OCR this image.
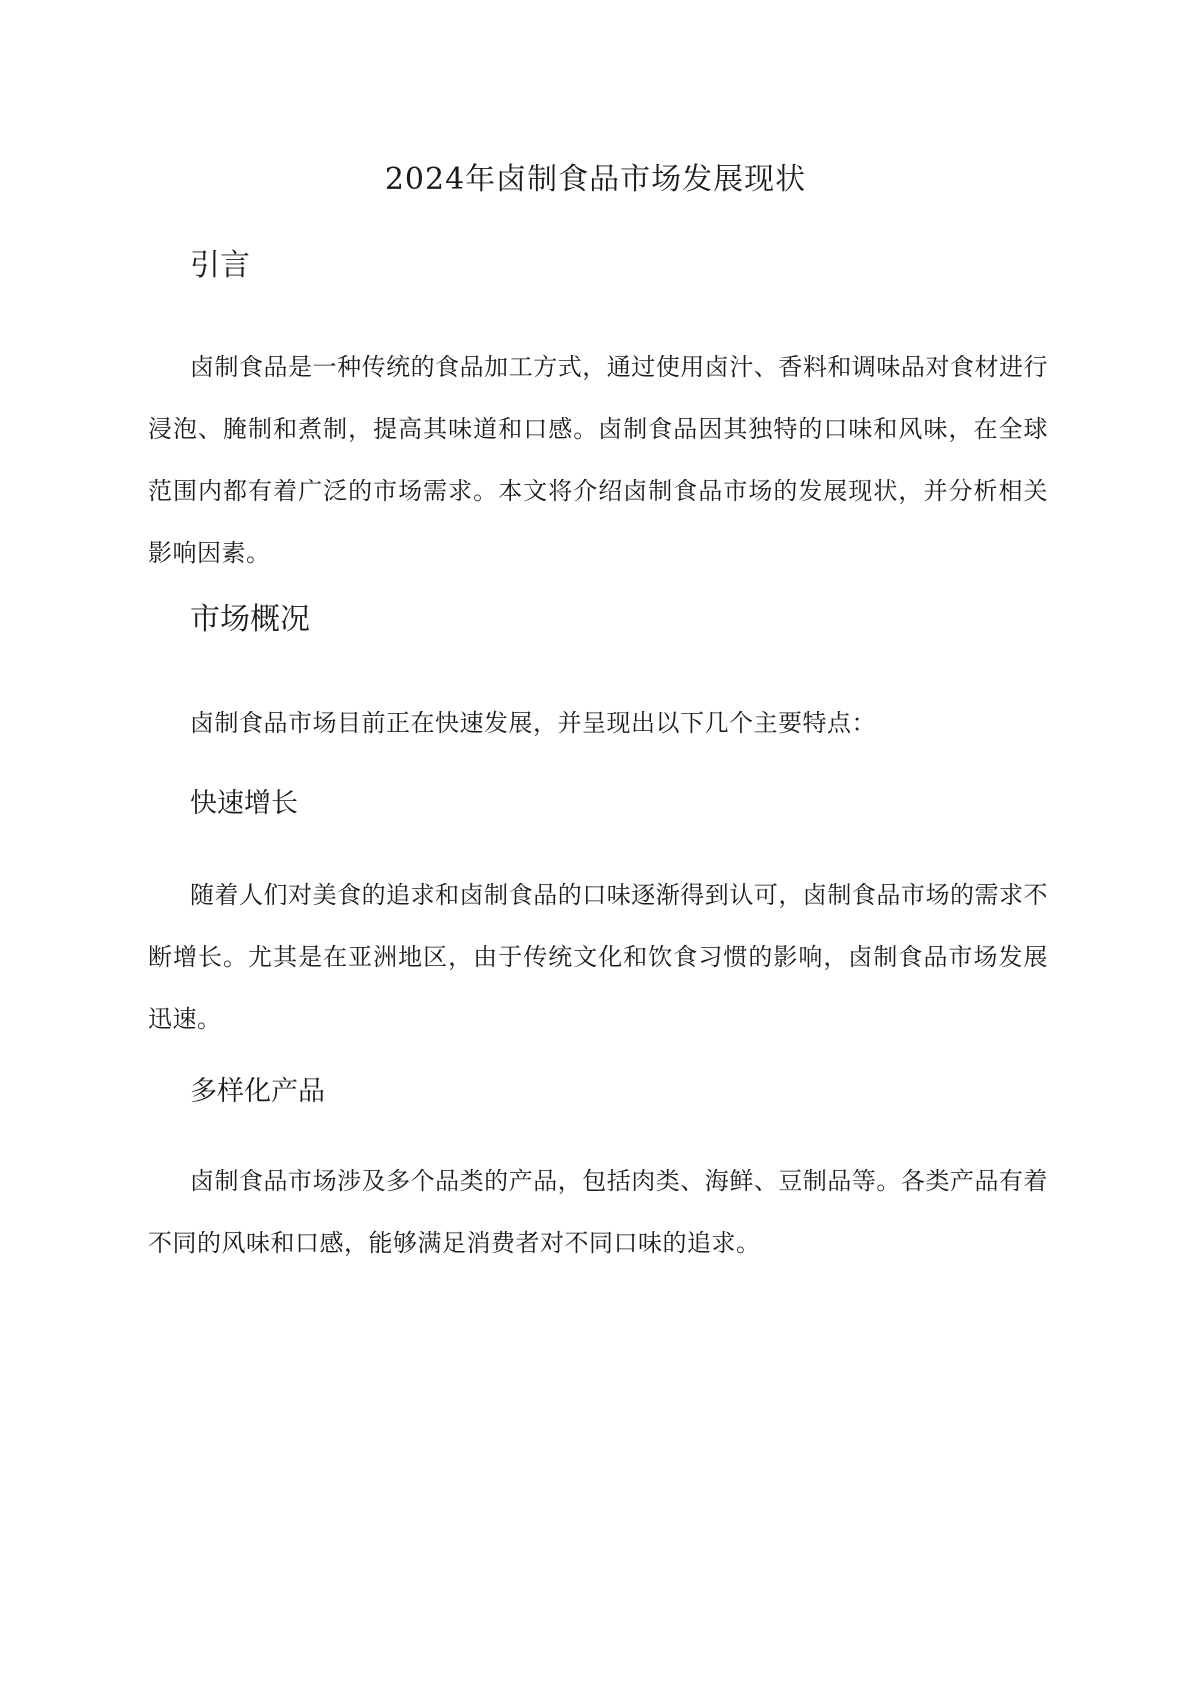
2024年卤制食品市场发展现状
引言
卤制食品是一种传统的食品加工方式，通过使用卤汁、香料和调味品对食材进行浸泡、腌制和煮制，提高其味道和口感。卤制食品因其独特的口味和风味，在全球范围内都有着广泛的市场需求。本文将介绍卤制食品市场的发展现状，并分析相关影响因素。
市场概况
卤制食品市场目前正在快速发展，并呈现出以下几个主要特点：
快速增长
随着人们对美食的追求和卤制食品的口味逐渐得到认可，卤制食品市场的需求不断增长。尤其是在亚洲地区，由于传统文化和饮食习惯的影响，卤制食品市场发展迅速。
多样化产品
卤制食品市场涉及多个品类的产品，包括肉类、海鲜、豆制品等。各类产品有着不同的风味和口感，能够满足消费者对不同口味的追求。
